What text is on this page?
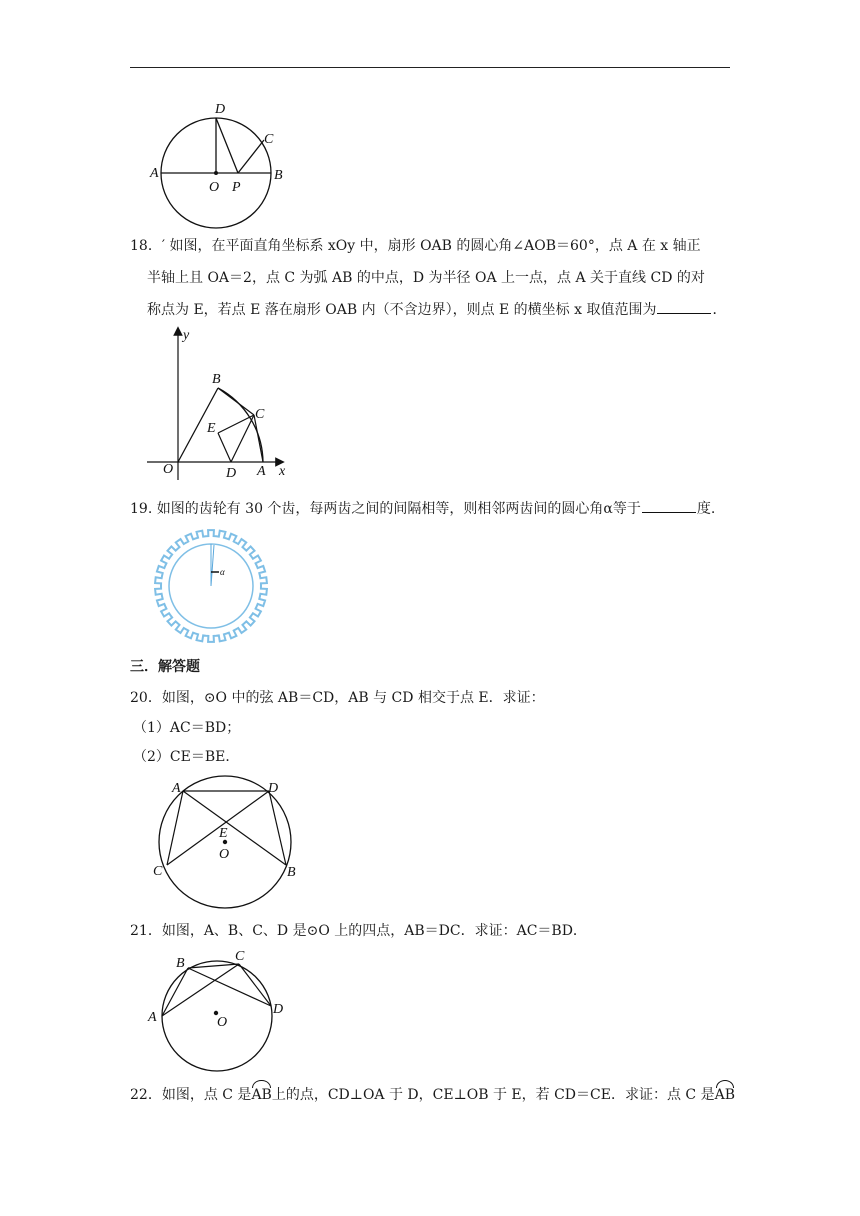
A	B
C
D
O P
18．′ 如图，在平面直角坐标系 xOy 中，扇形 OAB 的圆心角∠AOB＝60°，点 A 在 x 轴正
半轴上且 OA＝2，点 C 为弧 AB 的中点，D 为半径 OA 上一点，点 A 关于直线 CD 的对
称点为 E，若点 E 落在扇形 OAB 内（不含边界），则点 E 的横坐标 x 取值范围为	．
y
x
O	A
B
C
D
E
19. 如图的齿轮有 30 个齿，每两齿之间的间隔相等，则相邻两齿间的圆心角α等于	度.
α
三．解答题
20．如图，⊙O 中的弦 AB＝CD，AB 与 CD 相交于点 E．求证：
（1）AC＝BD；
（2）CE＝BE．
A	D
C	B
E
O
21．如图，A、B、C、D 是⊙O 上的四点，AB＝DC．求证：AC＝BD．
A
B	C
D
O
22．如图，点 C 是AB上的点，CD⊥OA 于 D，CE⊥OB 于 E，若 CD＝CE．求证：点 C 是AB
